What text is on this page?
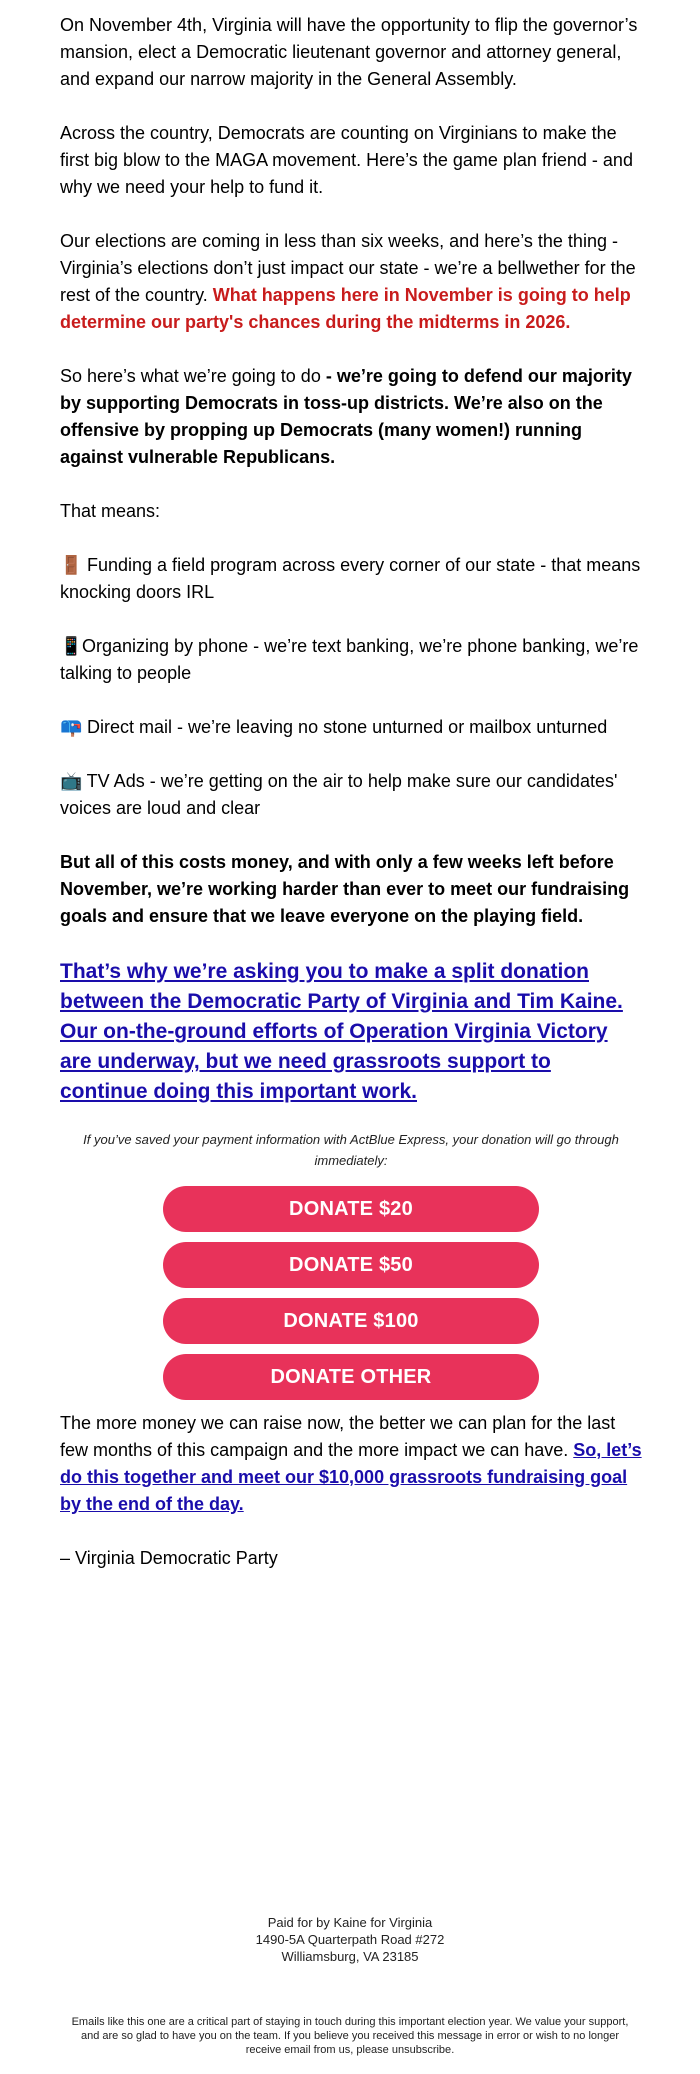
On November 4th, Virginia will have the opportunity to flip the governor’s mansion, elect a Democratic lieutenant governor and attorney general, and expand our narrow majority in the General Assembly.

Across the country, Democrats are counting on Virginians to make the first big blow to the MAGA movement. Here’s the game plan friend - and why we need your help to fund it.

Our elections are coming in less than six weeks, and here’s the thing - Virginia’s elections don’t just impact our state - we’re a bellwether for the rest of the country. What happens here in November is going to help determine our party's chances during the midterms in 2026.

So here’s what we’re going to do - we’re going to defend our majority by supporting Democrats in toss-up districts. We’re also on the offensive by propping up Democrats (many women!) running against vulnerable Republicans.

That means:

🚪 Funding a field program across every corner of our state - that means knocking doors IRL

📱Organizing by phone - we’re text banking, we’re phone banking, we’re talking to people

📪 Direct mail - we’re leaving no stone unturned or mailbox unturned

📺 TV Ads - we’re getting on the air to help make sure our candidates' voices are loud and clear

But all of this costs money, and with only a few weeks left before November, we’re working harder than ever to meet our fundraising goals and ensure that we leave everyone on the playing field.

That’s why we’re asking you to make a split donation between the Democratic Party of Virginia and Tim Kaine. Our on-the-ground efforts of Operation Virginia Victory are underway, but we need grassroots support to continue doing this important work.

If you’ve saved your payment information with ActBlue Express, your donation will go through immediately:

DONATE $20
DONATE $50
DONATE $100
DONATE OTHER

The more money we can raise now, the better we can plan for the last few months of this campaign and the more impact we can have. So, let’s do this together and meet our $10,000 grassroots fundraising goal by the end of the day.

– Virginia Democratic Party

Paid for by Kaine for Virginia
1490-5A Quarterpath Road #272
Williamsburg, VA 23185
Emails like this one are a critical part of staying in touch during this important election year. We value your support, and are so glad to have you on the team. If you believe you received this message in error or wish to no longer receive email from us, please unsubscribe.
